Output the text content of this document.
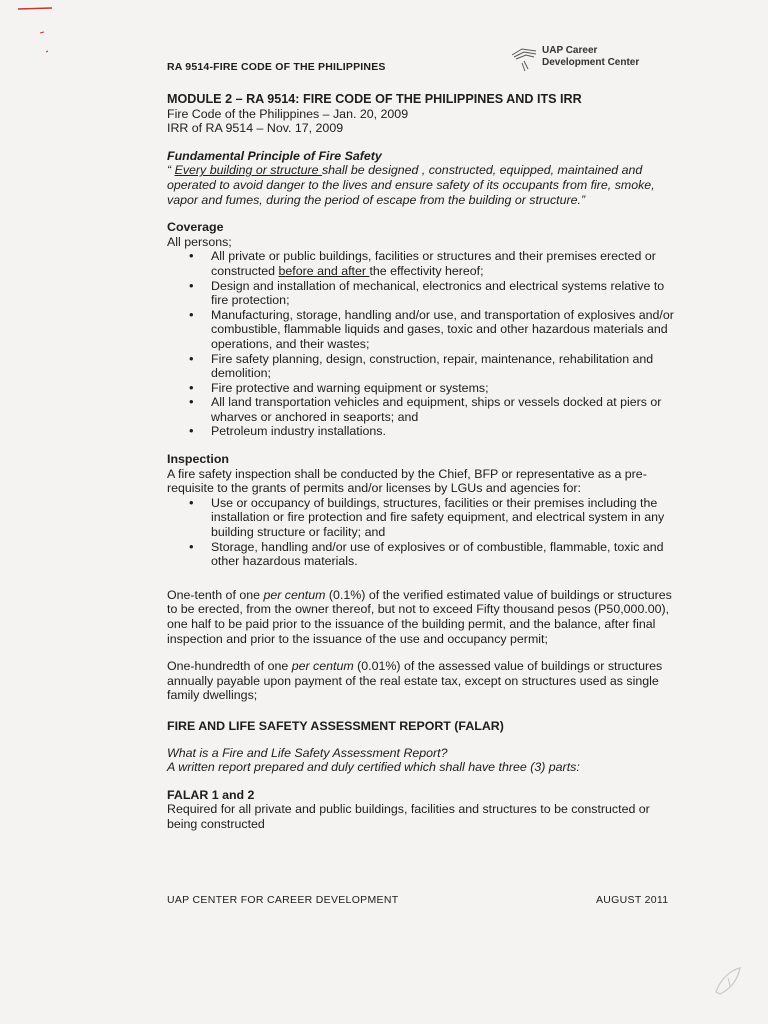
RA 9514-FIRE CODE OF THE PHILIPPINES
UAP Career
Development Center
MODULE 2 – RA 9514: FIRE CODE OF THE PHILIPPINES AND ITS IRR
Fire Code of the Philippines – Jan. 20, 2009
IRR of RA 9514 – Nov. 17, 2009
Fundamental Principle of Fire Safety
“ Every building or structure shall be designed , constructed, equipped, maintained and operated to avoid danger to the lives and ensure safety of its occupants from fire, smoke, vapor and fumes, during the period of escape from the building or structure.”
Coverage
All persons;
• All private or public buildings, facilities or structures and their premises erected or constructed before and after the effectivity hereof;
• Design and installation of mechanical, electronics and electrical systems relative to fire protection;
• Manufacturing, storage, handling and/or use, and transportation of explosives and/or combustible, flammable liquids and gases, toxic and other hazardous materials and operations, and their wastes;
• Fire safety planning, design, construction, repair, maintenance, rehabilitation and demolition;
• Fire protective and warning equipment or systems;
• All land transportation vehicles and equipment, ships or vessels docked at piers or wharves or anchored in seaports; and
• Petroleum industry installations.
Inspection
A fire safety inspection shall be conducted by the Chief, BFP or representative as a pre-requisite to the grants of permits and/or licenses by LGUs and agencies for:
• Use or occupancy of buildings, structures, facilities or their premises including the installation or fire protection and fire safety equipment, and electrical system in any building structure or facility; and
• Storage, handling and/or use of explosives or of combustible, flammable, toxic and other hazardous materials.
One-tenth of one per centum (0.1%) of the verified estimated value of buildings or structures to be erected, from the owner thereof, but not to exceed Fifty thousand pesos (P50,000.00), one half to be paid prior to the issuance of the building permit, and the balance, after final inspection and prior to the issuance of the use and occupancy permit;
One-hundredth of one per centum (0.01%) of the assessed value of buildings or structures annually payable upon payment of the real estate tax, except on structures used as single family dwellings;
FIRE AND LIFE SAFETY ASSESSMENT REPORT (FALAR)
What is a Fire and Life Safety Assessment Report?
A written report prepared and duly certified which shall have three (3) parts:
FALAR 1 and 2
Required for all private and public buildings, facilities and structures to be constructed or being constructed
UAP CENTER FOR CAREER DEVELOPMENT	AUGUST 2011
